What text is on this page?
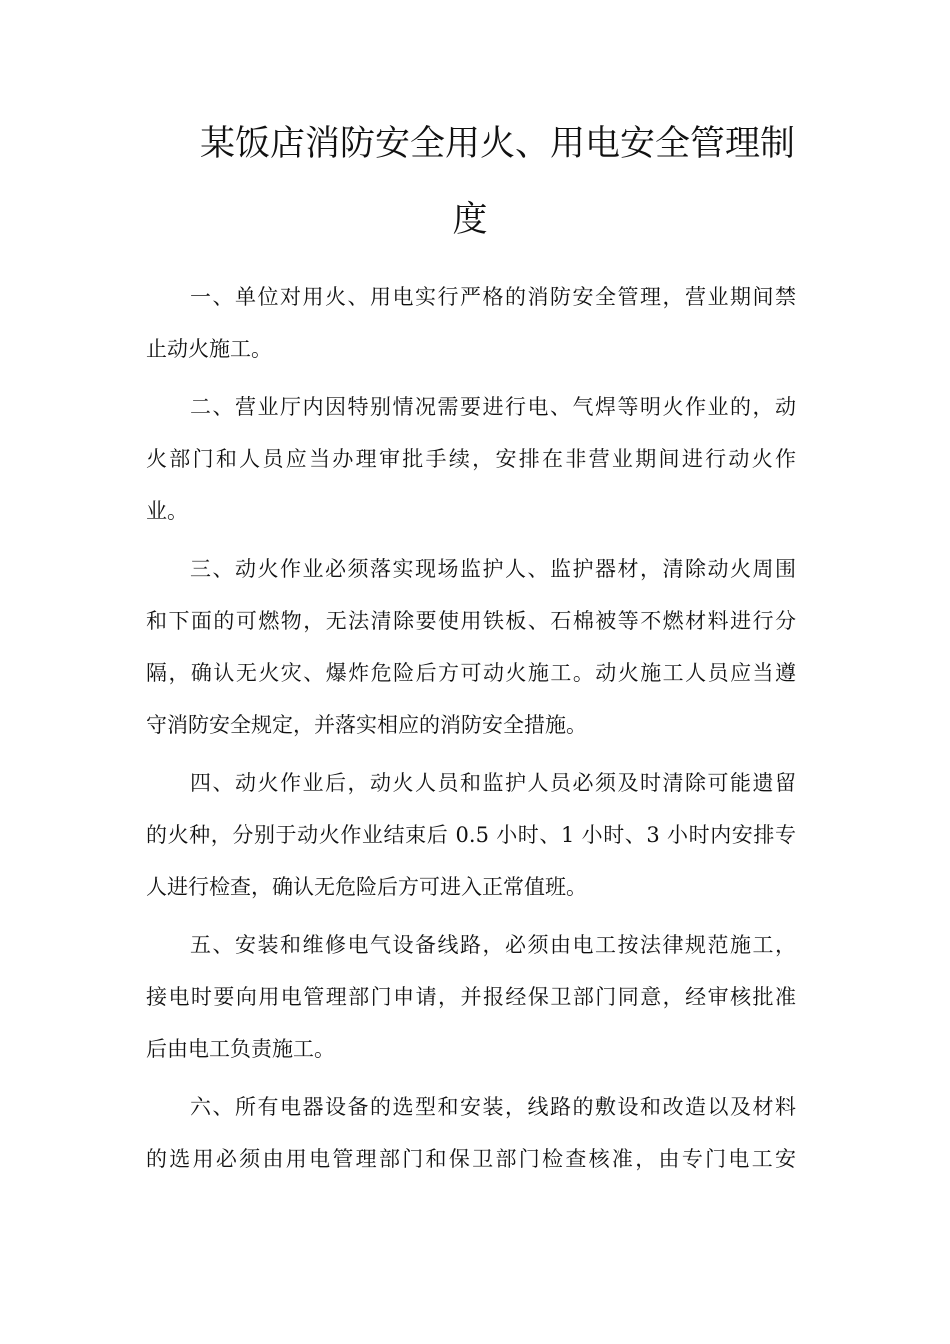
某饭店消防安全用火、用电安全管理制
度

一、单位对用火、用电实行严格的消防安全管理，营业期间禁
止动火施工。

二、营业厅内因特别情况需要进行电、气焊等明火作业的，动
火部门和人员应当办理审批手续，安排在非营业期间进行动火作
业。

三、动火作业必须落实现场监护人、监护器材，清除动火周围
和下面的可燃物，无法清除要使用铁板、石棉被等不燃材料进行分
隔，确认无火灾、爆炸危险后方可动火施工。动火施工人员应当遵
守消防安全规定，并落实相应的消防安全措施。

四、动火作业后，动火人员和监护人员必须及时清除可能遗留
的火种，分别于动火作业结束后 0.5 小时、1 小时、3 小时内安排专
人进行检查，确认无危险后方可进入正常值班。

五、安装和维修电气设备线路，必须由电工按法律规范施工，
接电时要向用电管理部门申请，并报经保卫部门同意，经审核批准
后由电工负责施工。

六、所有电器设备的选型和安装，线路的敷设和改造以及材料
的选用必须由用电管理部门和保卫部门检查核准，由专门电工安
